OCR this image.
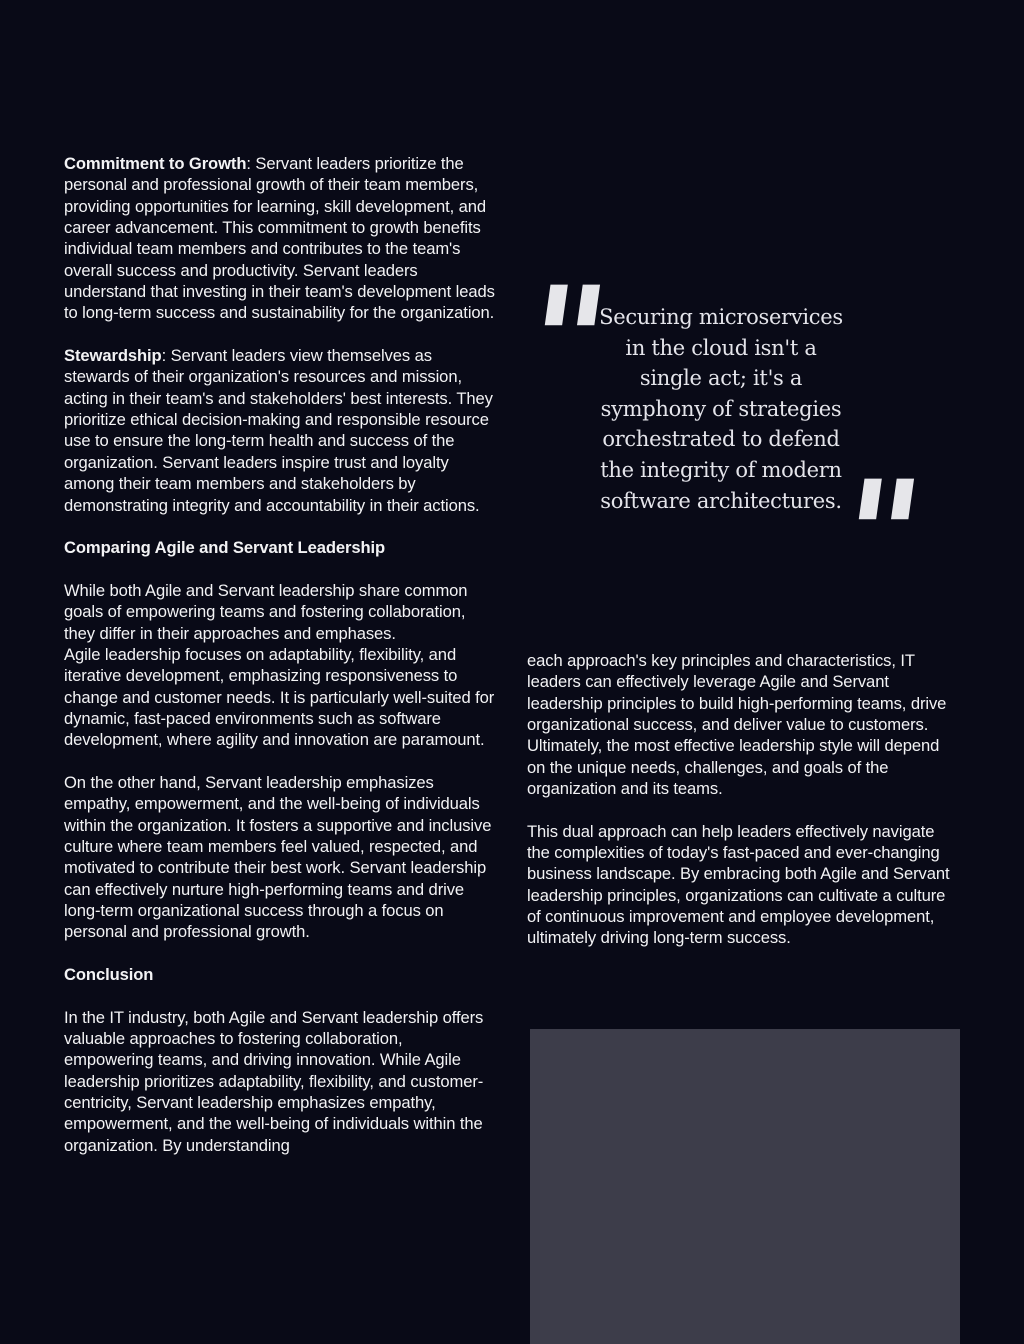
Commitment to Growth: Servant leaders prioritize the personal and professional growth of their team members, providing opportunities for learning, skill development, and career advancement. This commitment to growth benefits individual team members and contributes to the team's overall success and productivity. Servant leaders understand that investing in their team's development leads to long-term success and sustainability for the organization.

Stewardship: Servant leaders view themselves as stewards of their organization's resources and mission, acting in their team's and stakeholders' best interests. They prioritize ethical decision-making and responsible resource use to ensure the long-term health and success of the organization. Servant leaders inspire trust and loyalty among their team members and stakeholders by demonstrating integrity and accountability in their actions.

Comparing Agile and Servant Leadership

While both Agile and Servant leadership share common goals of empowering teams and fostering collaboration, they differ in their approaches and emphases.

Agile leadership focuses on adaptability, flexibility, and iterative development, emphasizing responsiveness to change and customer needs. It is particularly well-suited for dynamic, fast-paced environments such as software development, where agility and innovation are paramount.

On the other hand, Servant leadership emphasizes empathy, empowerment, and the well-being of individuals within the organization. It fosters a supportive and inclusive culture where team members feel valued, respected, and motivated to contribute their best work. Servant leadership can effectively nurture high-performing teams and drive long-term organizational success through a focus on personal and professional growth.

Conclusion

In the IT industry, both Agile and Servant leadership offers valuable approaches to fostering collaboration, empowering teams, and driving innovation. While Agile leadership prioritizes adaptability, flexibility, and customer-centricity, Servant leadership emphasizes empathy, empowerment, and the well-being of individuals within the organization. By understanding

"
Securing microservices in the cloud isn't a single act; it's a symphony of strategies orchestrated to defend the integrity of modern software architectures.
"

each approach's key principles and characteristics, IT leaders can effectively leverage Agile and Servant leadership principles to build high-performing teams, drive organizational success, and deliver value to customers. Ultimately, the most effective leadership style will depend on the unique needs, challenges, and goals of the organization and its teams.

This dual approach can help leaders effectively navigate the complexities of today's fast-paced and ever-changing business landscape. By embracing both Agile and Servant leadership principles, organizations can cultivate a culture of continuous improvement and employee development, ultimately driving long-term success.
